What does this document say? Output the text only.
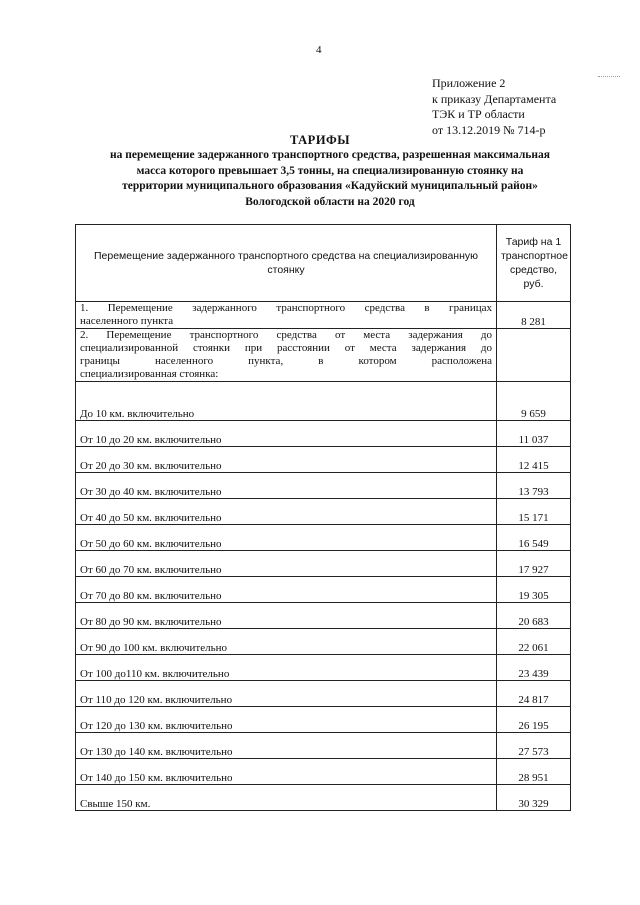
4
Приложение 2
к приказу Департамента
ТЭК и ТР области
от 13.12.2019 № 714-р
ТАРИФЫ
на перемещение задержанного транспортного средства, разрешенная максимальная
масса которого превышает 3,5 тонны, на специализированную стоянку на
территории муниципального образования «Кадуйский муниципальный район»
Вологодской области на 2020 год
Перемещение задержанного транспортного средства на специализированную стоянку	Тариф на 1 транспортное средство, руб.

1. Перемещение задержанного транспортного средства в границах
населенного пункта	8 281

2. Перемещение транспортного средства от места задержания до
специализированной стоянки при расстоянии от места задержания до
границы населенного пункта, в котором расположена
специализированная стоянка:	

До 10 км. включительно	9 659
От 10 до 20 км. включительно	11 037
От 20 до 30 км. включительно	12 415
От 30 до 40 км. включительно	13 793
От 40 до 50 км. включительно	15 171
От 50 до 60 км. включительно	16 549
От 60 до 70 км. включительно	17 927
От 70 до 80 км. включительно	19 305
От 80 до 90 км. включительно	20 683
От 90 до 100 км. включительно	22 061
От 100 до110 км. включительно	23 439
От 110 до 120 км. включительно	24 817
От 120 до 130 км. включительно	26 195
От 130 до 140 км. включительно	27 573
От 140 до 150 км. включительно	28 951
Свыше 150 км.	30 329
